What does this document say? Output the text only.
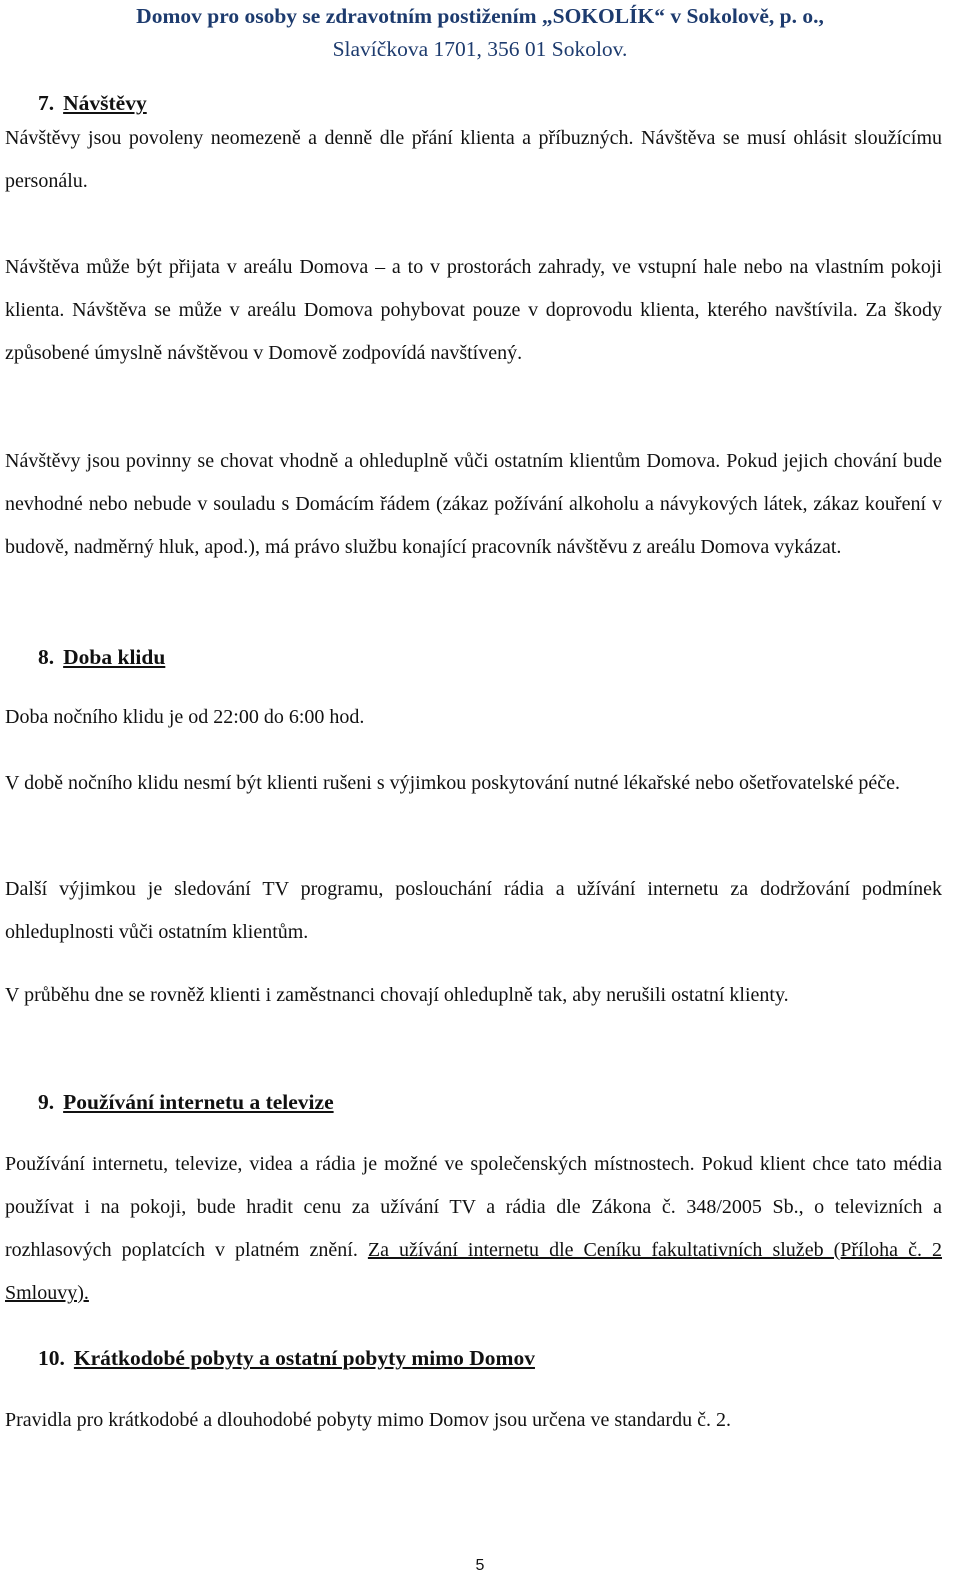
Domov pro osoby se zdravotním postižením „SOKOLÍK“ v Sokolově, p. o.,
Slavíčkova 1701, 356 01 Sokolov.
7. Návštěvy
Návštěvy jsou povoleny neomezeně a denně dle přání klienta a příbuzných. Návštěva se musí ohlásit sloužícímu personálu.
Návštěva může být přijata v areálu Domova – a to v prostorách zahrady, ve vstupní hale nebo na vlastním pokoji klienta. Návštěva se může v areálu Domova pohybovat pouze v doprovodu klienta, kterého navštívila. Za škody způsobené úmyslně návštěvou v Domově zodpovídá navštívený.
Návštěvy jsou povinny se chovat vhodně a ohleduplně vůči ostatním klientům Domova. Pokud jejich chování bude nevhodné nebo nebude v souladu s Domácím řádem (zákaz požívání alkoholu a návykových látek, zákaz kouření v budově, nadměrný hluk, apod.), má právo službu konající pracovník návštěvu z areálu Domova vykázat.
8. Doba klidu
Doba nočního klidu je od 22:00 do 6:00 hod.
V době nočního klidu nesmí být klienti rušeni s výjimkou poskytování nutné lékařské nebo ošetřovatelské péče.
Další výjimkou je sledování TV programu, poslouchání rádia a užívání internetu za dodržování podmínek ohleduplnosti vůči ostatním klientům.
V průběhu dne se rovněž klienti i zaměstnanci chovají ohleduplně tak, aby nerušili ostatní klienty.
9. Používání internetu a televize
Používání internetu, televize, videa a rádia je možné ve společenských místnostech. Pokud klient chce tato média používat i na pokoji, bude hradit cenu za užívání TV a rádia dle Zákona č. 348/2005 Sb., o televizních a rozhlasových poplatcích v platném znění. Za užívání internetu dle Ceníku fakultativních služeb (Příloha č. 2 Smlouvy).
10. Krátkodobé pobyty a ostatní pobyty mimo Domov
Pravidla pro krátkodobé a dlouhodobé pobyty mimo Domov jsou určena ve standardu č. 2.
5
